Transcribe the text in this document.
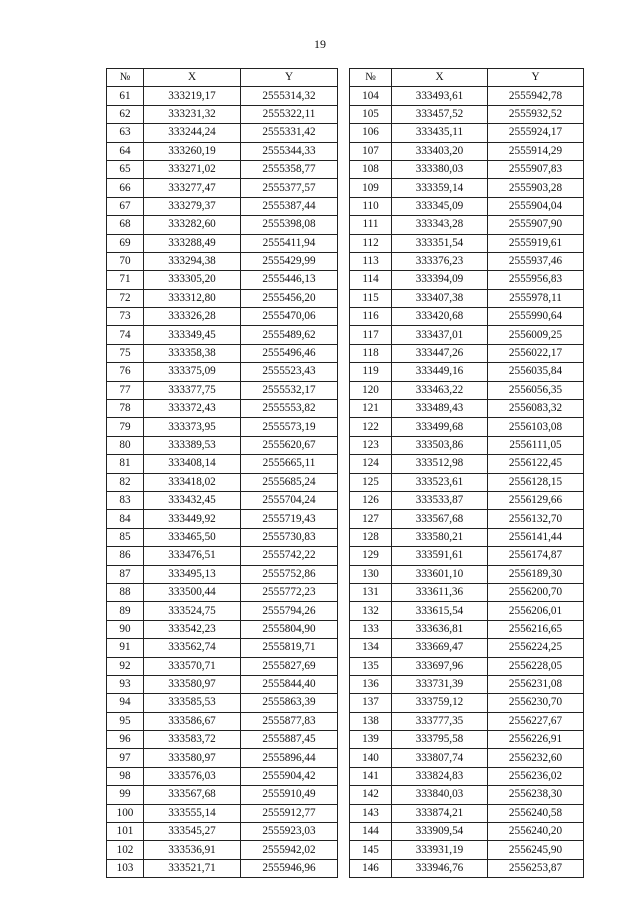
19
№	X	Y		№	X	Y
61	333219,17	2555314,32		104	333493,61	2555942,78
62	333231,32	2555322,11		105	333457,52	2555932,52
63	333244,24	2555331,42		106	333435,11	2555924,17
64	333260,19	2555344,33		107	333403,20	2555914,29
65	333271,02	2555358,77		108	333380,03	2555907,83
66	333277,47	2555377,57		109	333359,14	2555903,28
67	333279,37	2555387,44		110	333345,09	2555904,04
68	333282,60	2555398,08		111	333343,28	2555907,90
69	333288,49	2555411,94		112	333351,54	2555919,61
70	333294,38	2555429,99		113	333376,23	2555937,46
71	333305,20	2555446,13		114	333394,09	2555956,83
72	333312,80	2555456,20		115	333407,38	2555978,11
73	333326,28	2555470,06		116	333420,68	2555990,64
74	333349,45	2555489,62		117	333437,01	2556009,25
75	333358,38	2555496,46		118	333447,26	2556022,17
76	333375,09	2555523,43		119	333449,16	2556035,84
77	333377,75	2555532,17		120	333463,22	2556056,35
78	333372,43	2555553,82		121	333489,43	2556083,32
79	333373,95	2555573,19		122	333499,68	2556103,08
80	333389,53	2555620,67		123	333503,86	2556111,05
81	333408,14	2555665,11		124	333512,98	2556122,45
82	333418,02	2555685,24		125	333523,61	2556128,15
83	333432,45	2555704,24		126	333533,87	2556129,66
84	333449,92	2555719,43		127	333567,68	2556132,70
85	333465,50	2555730,83		128	333580,21	2556141,44
86	333476,51	2555742,22		129	333591,61	2556174,87
87	333495,13	2555752,86		130	333601,10	2556189,30
88	333500,44	2555772,23		131	333611,36	2556200,70
89	333524,75	2555794,26		132	333615,54	2556206,01
90	333542,23	2555804,90		133	333636,81	2556216,65
91	333562,74	2555819,71		134	333669,47	2556224,25
92	333570,71	2555827,69		135	333697,96	2556228,05
93	333580,97	2555844,40		136	333731,39	2556231,08
94	333585,53	2555863,39		137	333759,12	2556230,70
95	333586,67	2555877,83		138	333777,35	2556227,67
96	333583,72	2555887,45		139	333795,58	2556226,91
97	333580,97	2555896,44		140	333807,74	2556232,60
98	333576,03	2555904,42		141	333824,83	2556236,02
99	333567,68	2555910,49		142	333840,03	2556238,30
100	333555,14	2555912,77		143	333874,21	2556240,58
101	333545,27	2555923,03		144	333909,54	2556240,20
102	333536,91	2555942,02		145	333931,19	2556245,90
103	333521,71	2555946,96		146	333946,76	2556253,87
